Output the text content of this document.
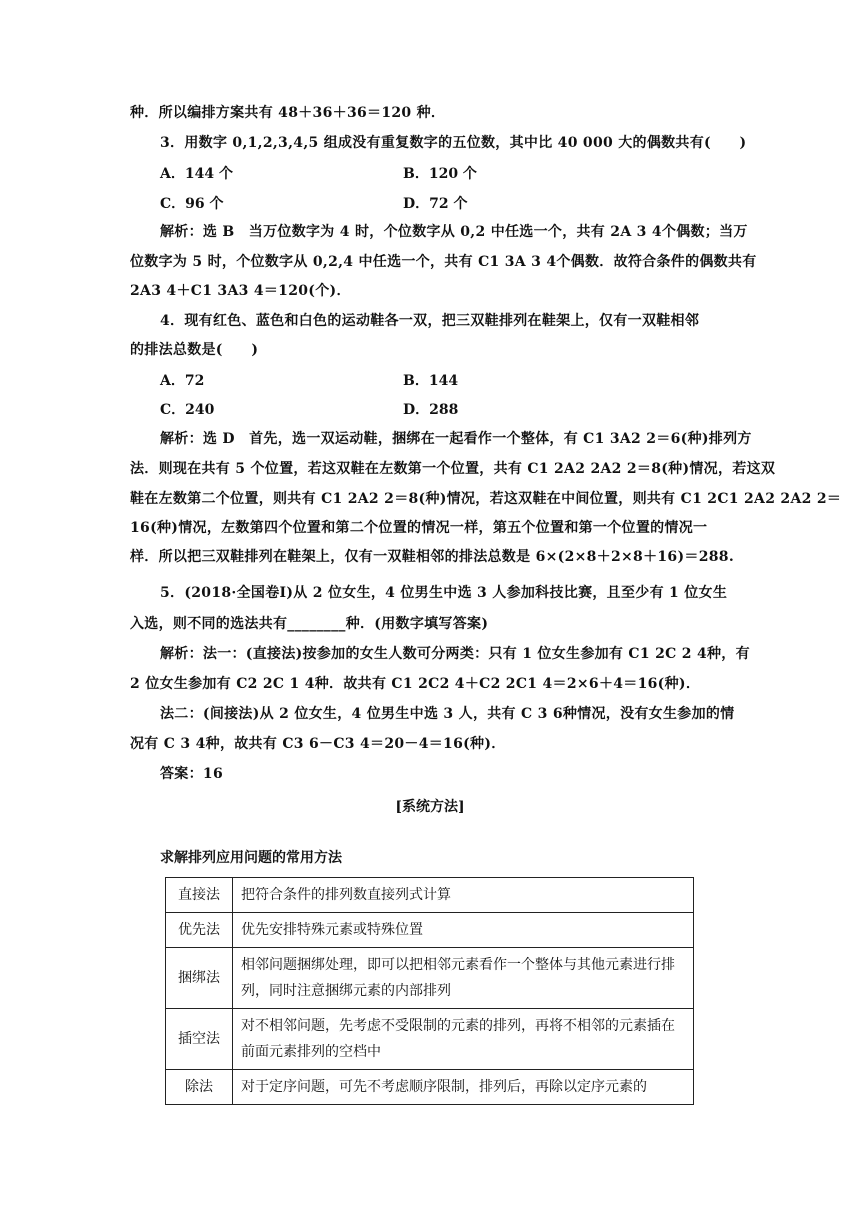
种．所以编排方案共有 48＋36＋36＝120 种．
3．用数字 0,1,2,3,4,5 组成没有重复数字的五位数，其中比 40 000 大的偶数共有(　　)
A．144 个	B．120 个
C．96 个	D．72 个
解析：选 B　当万位数字为 4 时，个位数字从 0,2 中任选一个，共有 2A 3 4个偶数；当万
位数字为 5 时，个位数字从 0,2,4 中任选一个，共有 C1 3A 3 4个偶数．故符合条件的偶数共有
2A3 4＋C1 3A3 4＝120(个)．
4．现有红色、蓝色和白色的运动鞋各一双，把三双鞋排列在鞋架上，仅有一双鞋相邻
的排法总数是(　　)
A．72	B．144
C．240	D．288
解析：选 D　首先，选一双运动鞋，捆绑在一起看作一个整体，有 C1 3A2 2＝6(种)排列方
法．则现在共有 5 个位置，若这双鞋在左数第一个位置，共有 C1 2A2 2A2 2＝8(种)情况，若这双
鞋在左数第二个位置，则共有 C1 2A2 2＝8(种)情况，若这双鞋在中间位置，则共有 C1 2C1 2A2 2A2 2＝
16(种)情况，左数第四个位置和第二个位置的情况一样，第五个位置和第一个位置的情况一
样．所以把三双鞋排列在鞋架上，仅有一双鞋相邻的排法总数是 6×(2×8＋2×8＋16)＝288.
5．(2018·全国卷Ⅰ)从 2 位女生，4 位男生中选 3 人参加科技比赛，且至少有 1 位女生
入选，则不同的选法共有________种．(用数字填写答案)
解析：法一：(直接法)按参加的女生人数可分两类：只有 1 位女生参加有 C1 2C 2 4种，有
2 位女生参加有 C2 2C 1 4种．故共有 C1 2C2 4＋C2 2C1 4＝2×6＋4＝16(种)．
法二：(间接法)从 2 位女生，4 位男生中选 3 人，共有 C 3 6种情况，没有女生参加的情
况有 C 3 4种，故共有 C3 6－C3 4＝20－4＝16(种)．
答案：16
[系统方法]
求解排列应用问题的常用方法
直接法	把符合条件的排列数直接列式计算
优先法	优先安排特殊元素或特殊位置
捆绑法	相邻问题捆绑处理，即可以把相邻元素看作一个整体与其他元素进行排列，同时注意捆绑元素的内部排列
插空法	对不相邻问题，先考虑不受限制的元素的排列，再将不相邻的元素插在前面元素排列的空档中
除法	对于定序问题，可先不考虑顺序限制，排列后，再除以定序元素的
